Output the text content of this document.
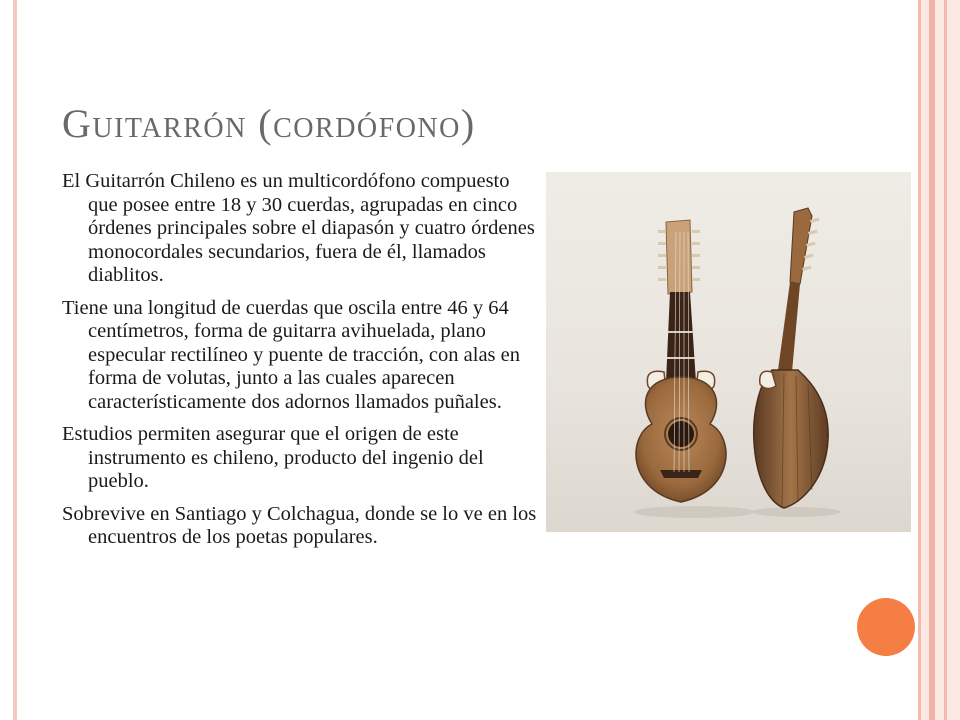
Guitarrón (cordófono)

El Guitarrón Chileno es un multicordófono compuesto que posee entre 18 y 30 cuerdas, agrupadas en cinco órdenes principales sobre el diapasón y cuatro órdenes monocordales secundarios, fuera de él, llamados diablitos.

Tiene una longitud de cuerdas que oscila entre 46 y 64 centímetros, forma de guitarra avihuelada, plano especular rectilíneo y puente de tracción, con alas en forma de volutas, junto a las cuales aparecen característicamente dos adornos llamados puñales.

Estudios permiten asegurar que el origen de este instrumento es chileno, producto del ingenio del pueblo.

Sobrevive en Santiago y Colchagua, donde se lo ve en los encuentros de los poetas populares.
